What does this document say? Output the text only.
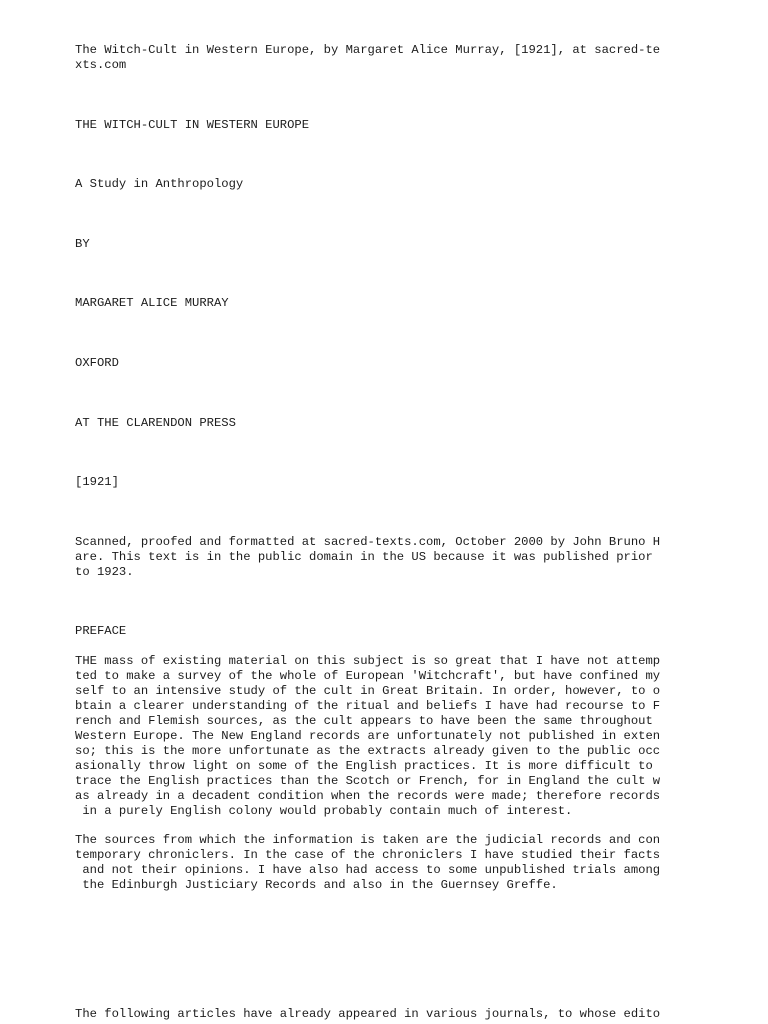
The Witch-Cult in Western Europe, by Margaret Alice Murray, [1921], at sacred-te

xts.com

THE WITCH-CULT IN WESTERN EUROPE

A Study in Anthropology

BY

MARGARET ALICE MURRAY

OXFORD

AT THE CLARENDON PRESS

[1921]

Scanned, proofed and formatted at sacred-texts.com, October 2000 by John Bruno H

are. This text is in the public domain in the US because it was published prior

to 1923.

PREFACE

THE mass of existing material on this subject is so great that I have not attemp

ted to make a survey of the whole of European 'Witchcraft', but have confined my

self to an intensive study of the cult in Great Britain. In order, however, to o

btain a clearer understanding of the ritual and beliefs I have had recourse to F

rench and Flemish sources, as the cult appears to have been the same throughout

Western Europe. The New England records are unfortunately not published in exten

so; this is the more unfortunate as the extracts already given to the public occ

asionally throw light on some of the English practices. It is more difficult to

trace the English practices than the Scotch or French, for in England the cult w

as already in a decadent condition when the records were made; therefore records

in a purely English colony would probably contain much of interest.

The sources from which the information is taken are the judicial records and con

temporary chroniclers. In the case of the chroniclers I have studied their facts

and not their opinions. I have also had access to some unpublished trials among

the Edinburgh Justiciary Records and also in the Guernsey Greffe.

The following articles have already appeared in various journals, to whose edito
